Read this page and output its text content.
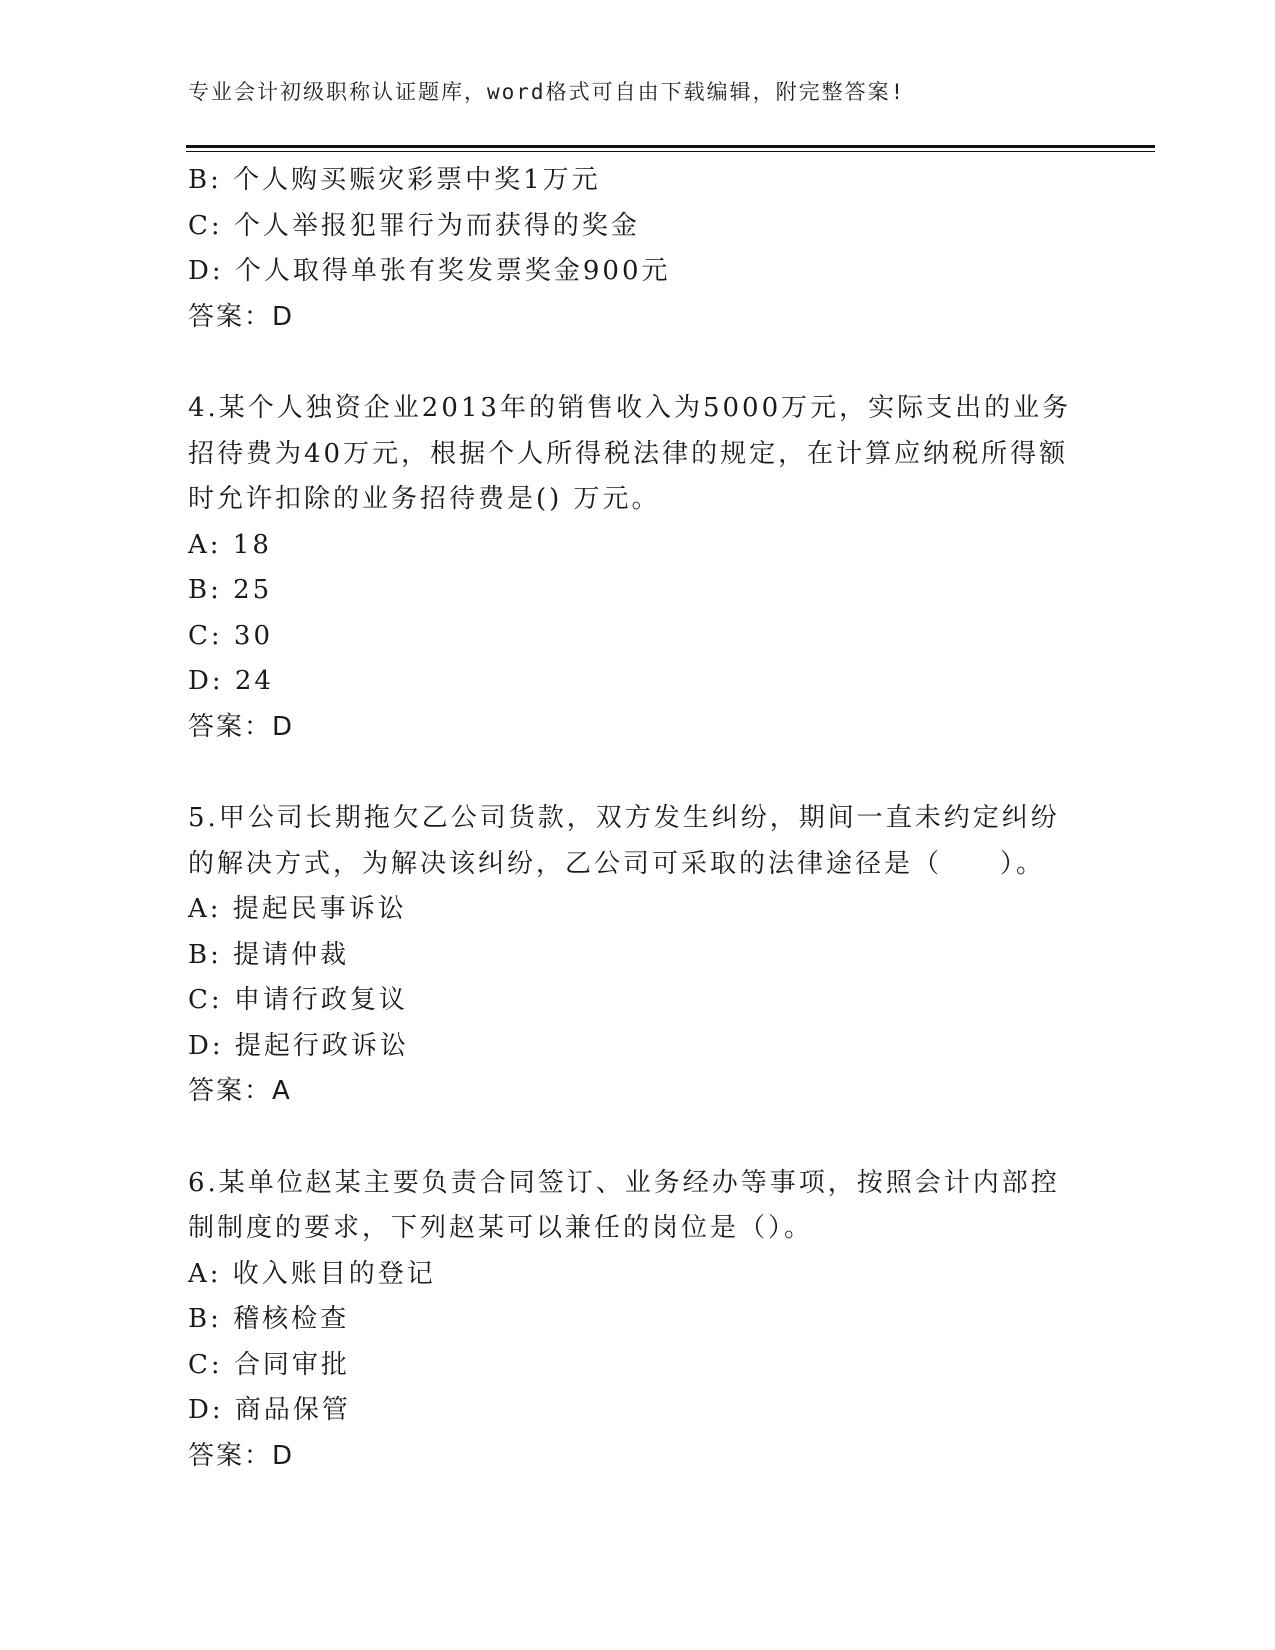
专业会计初级职称认证题库，word格式可自由下载编辑，附完整答案!
B: 个人购买赈灾彩票中奖1万元
C: 个人举报犯罪行为而获得的奖金
D: 个人取得单张有奖发票奖金900元
答案：D
4.某个人独资企业2013年的销售收入为5000万元，实际支出的业务
招待费为40万元，根据个人所得税法律的规定，在计算应纳税所得额
时允许扣除的业务招待费是() 万元。
A: 18
B: 25
C: 30
D: 24
答案：D
5.甲公司长期拖欠乙公司货款，双方发生纠纷，期间一直未约定纠纷
的解决方式，为解决该纠纷，乙公司可采取的法律途径是（　　）。
A: 提起民事诉讼
B: 提请仲裁
C: 申请行政复议
D: 提起行政诉讼
答案：A
6.某单位赵某主要负责合同签订、业务经办等事项，按照会计内部控
制制度的要求，下列赵某可以兼任的岗位是（）。
A: 收入账目的登记
B: 稽核检查
C: 合同审批
D: 商品保管
答案：D
